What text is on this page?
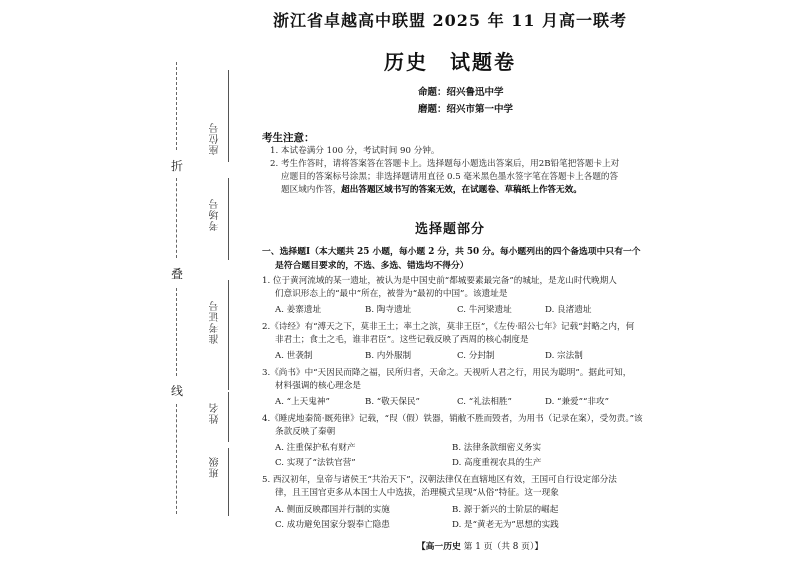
折
叠
线
座位号
考场号
准考证号
姓名
班级
浙江省卓越高中联盟 2025 年 11 月高一联考
历史　试题卷
命题：绍兴鲁迅中学
磨题：绍兴市第一中学
考生注意：
1. 本试卷满分 100 分，考试时间 90 分钟。
2. 考生作答时，请将答案答在答题卡上。选择题每小题选出答案后，用2B铅笔把答题卡上对
应题目的答案标号涂黑；非选择题请用直径 0.5 毫米黑色墨水签字笔在答题卡上各题的答
题区域内作答，超出答题区域书写的答案无效，在试题卷、草稿纸上作答无效。
选择题部分
一、选择题Ⅰ（本大题共 25 小题，每小题 2 分，共 50 分。每小题列出的四个备选项中只有一个
是符合题目要求的，不选、多选、错选均不得分）
1. 位于黄河流域的某一遗址，被认为是中国史前“都城要素最完备”的城址，是龙山时代晚期人
们意识形态上的“最中”所在，被誉为“最初的中国”。该遗址是
A. 姜寨遗址	B. 陶寺遗址	C. 牛河梁遗址	D. 良渚遗址
2.《诗经》有“溥天之下，莫非王土；率土之滨，莫非王臣”，《左传·昭公七年》记载“封略之内，何
非君土；食土之毛，谁非君臣”。这些记载反映了西周的核心制度是
A. 世袭制	B. 内外服制	C. 分封制	D. 宗法制
3.《尚书》中“天因民而降之福，民所归者，天命之。天视听人君之行，用民为聪明”。据此可知，
材料强调的核心理念是
A. “上天鬼神”	B. “敬天保民”	C. “礼法相胜”	D. “兼爱”“非攻”
4.《睡虎地秦简·厩苑律》记载，“叚（假）铁器，销敝不胜而毁者，为用书（记录在案），受勿责。”该
条款反映了秦朝
A. 注重保护私有财产	B. 法律条款细密义务实
C. 实现了“法铁官营”	D. 高度重视农具的生产
5. 西汉初年，皇帝与诸侯王“共治天下”，汉朝法律仅在直辖地区有效，王国可自行设定部分法
律，且王国官吏多从本国士人中选拔，治理模式呈现“从俗”特征。这一现象
A. 侧面反映郡国并行制的实施	B. 源于新兴的士阶层的崛起
C. 成功避免国家分裂奉亡隐患	D. 是“黄老无为”思想的实践
【高一历史 第 1 页（共 8 页）】
